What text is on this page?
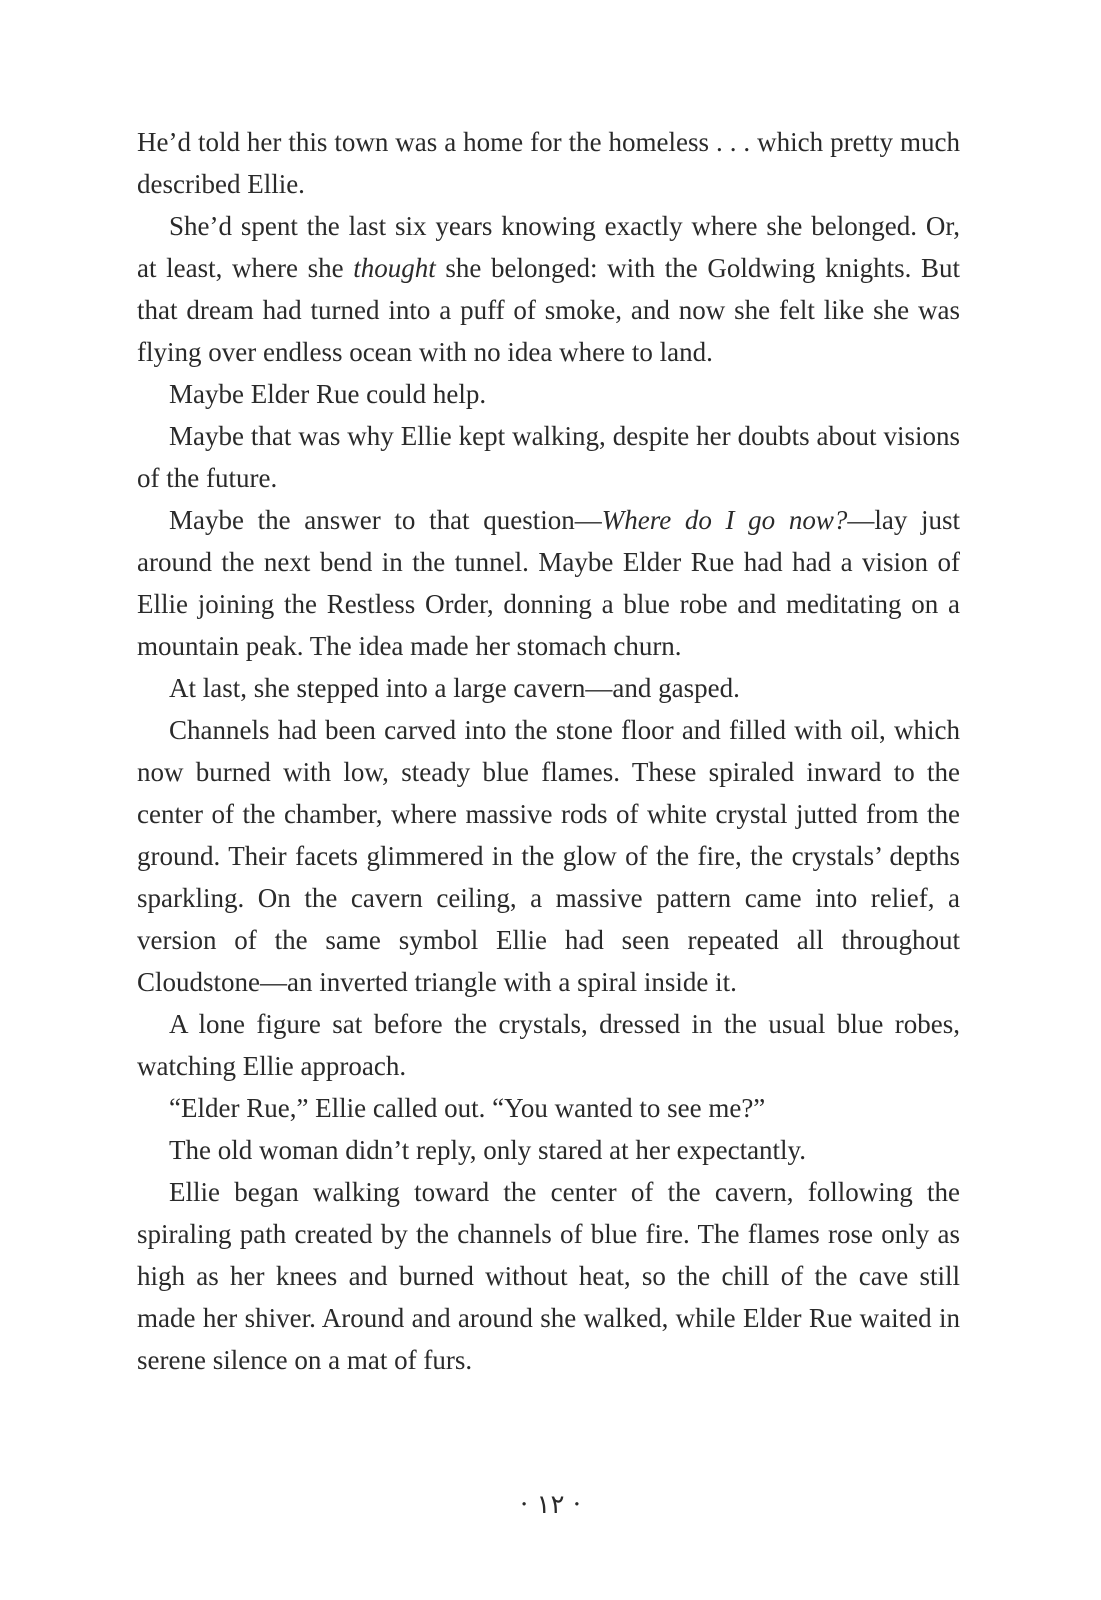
He’d told her this town was a home for the homeless . . . which pretty much described Ellie.

She’d spent the last six years knowing exactly where she belonged. Or, at least, where she thought she belonged: with the Goldwing knights. But that dream had turned into a puff of smoke, and now she felt like she was flying over endless ocean with no idea where to land.

Maybe Elder Rue could help.

Maybe that was why Ellie kept walking, despite her doubts about visions of the future.

Maybe the answer to that question—Where do I go now?—lay just around the next bend in the tunnel. Maybe Elder Rue had had a vision of Ellie joining the Restless Order, donning a blue robe and meditating on a mountain peak. The idea made her stomach churn.

At last, she stepped into a large cavern—and gasped.

Channels had been carved into the stone floor and filled with oil, which now burned with low, steady blue flames. These spiraled inward to the center of the chamber, where massive rods of white crystal jutted from the ground. Their facets glimmered in the glow of the fire, the crystals’ depths sparkling. On the cavern ceiling, a massive pattern came into relief, a version of the same symbol Ellie had seen repeated all throughout Cloudstone—an inverted triangle with a spiral inside it.

A lone figure sat before the crystals, dressed in the usual blue robes, watching Ellie approach.

“Elder Rue,” Ellie called out. “You wanted to see me?”

The old woman didn’t reply, only stared at her expectantly.

Ellie began walking toward the center of the cavern, following the spiraling path created by the channels of blue fire. The flames rose only as high as her knees and burned without heat, so the chill of the cave still made her shiver. Around and around she walked, while Elder Rue waited in serene silence on a mat of furs.

· ١٢ ·
